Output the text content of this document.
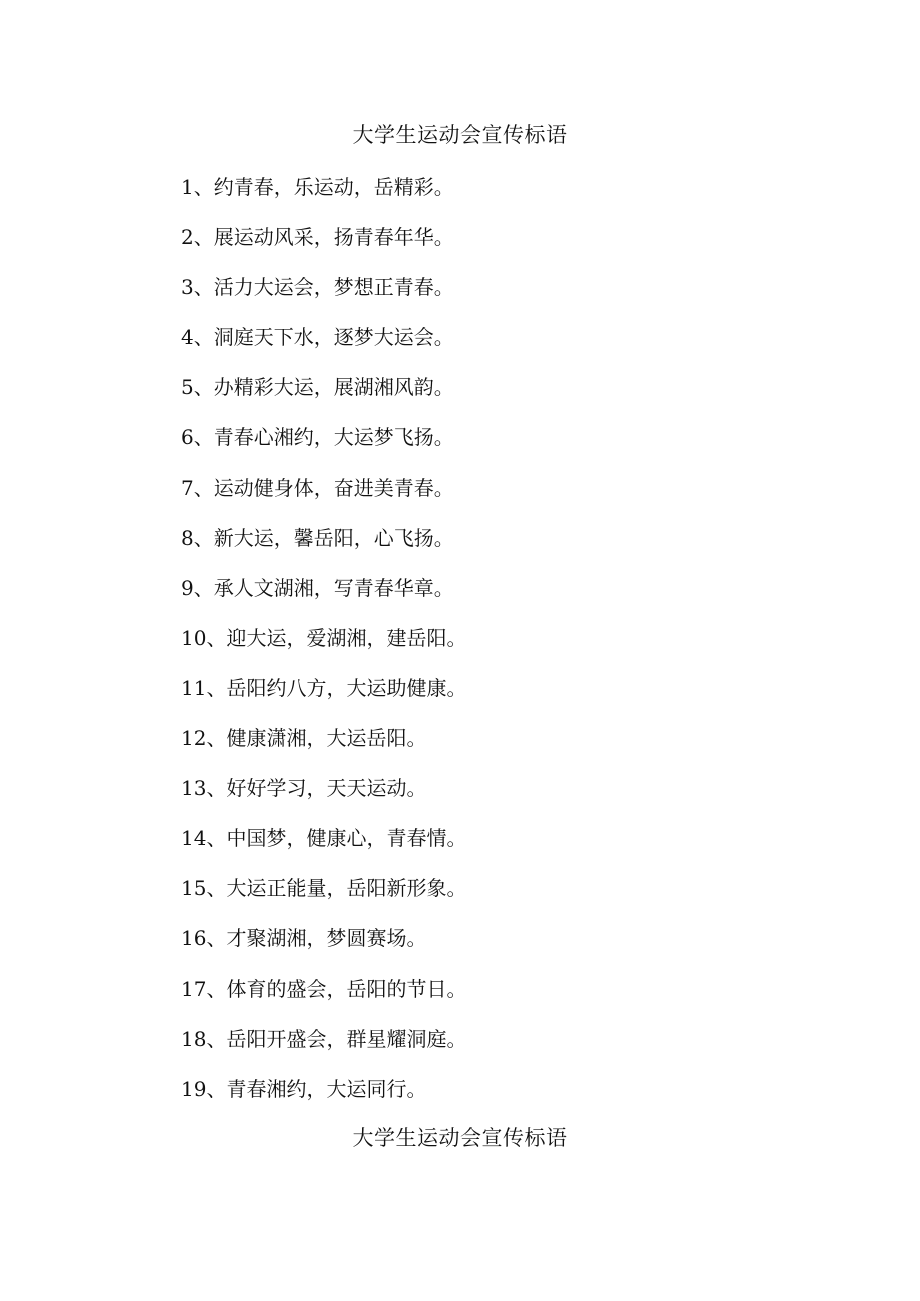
大学生运动会宣传标语
1、约青春，乐运动，岳精彩。
2、展运动风采，扬青春年华。
3、活力大运会，梦想正青春。
4、洞庭天下水，逐梦大运会。
5、办精彩大运，展湖湘风韵。
6、青春心湘约，大运梦飞扬。
7、运动健身体，奋进美青春。
8、新大运，馨岳阳，心飞扬。
9、承人文湖湘，写青春华章。
10、迎大运，爱湖湘，建岳阳。
11、岳阳约八方，大运助健康。
12、健康潇湘，大运岳阳。
13、好好学习，天天运动。
14、中国梦，健康心，青春情。
15、大运正能量，岳阳新形象。
16、才聚湖湘，梦圆赛场。
17、体育的盛会，岳阳的节日。
18、岳阳开盛会，群星耀洞庭。
19、青春湘约，大运同行。
大学生运动会宣传标语
